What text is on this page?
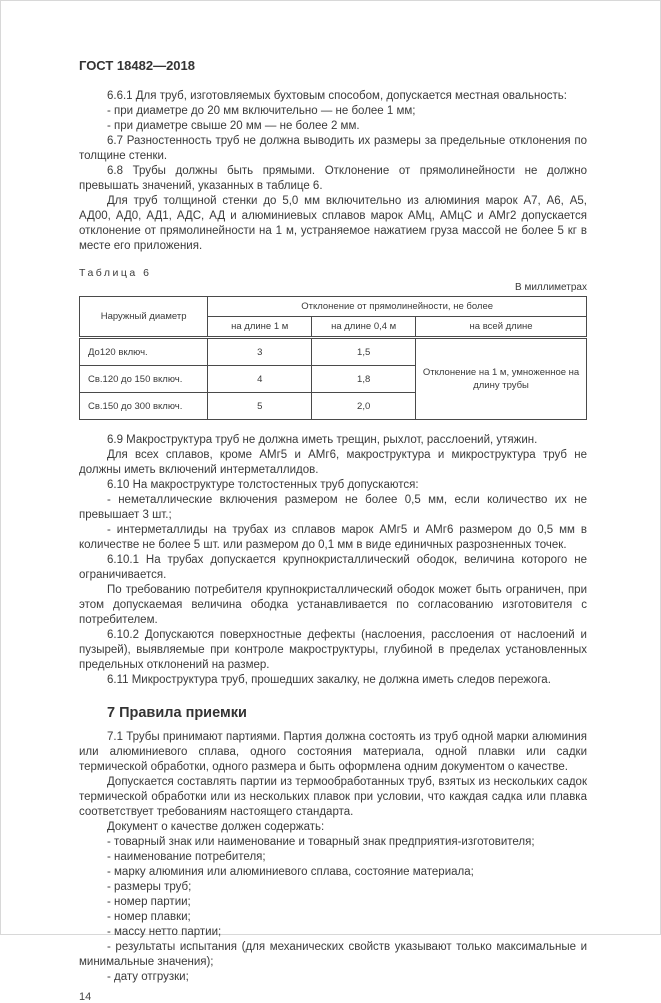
ГОСТ 18482—2018

6.6.1 Для труб, изготовляемых бухтовым способом, допускается местная овальность:

- при диаметре до 20 мм включительно — не более 1 мм;

- при диаметре свыше 20 мм — не более 2 мм.

6.7 Разностенность труб не должна выводить их размеры за предельные отклонения по толщине стенки.

6.8 Трубы должны быть прямыми. Отклонение от прямолинейности не должно превышать значений, указанных в таблице 6.

Для труб толщиной стенки до 5,0 мм включительно из алюминия марок А7, А6, А5, АД00, АД0, АД1, АДС, АД и алюминиевых сплавов марок АМц, АМцС и АМг2 допускается отклонение от прямолинейности на 1 м, устраняемое нажатием груза массой не более 5 кг в месте его приложения.

Таблица 6
В миллиметрах
Наружный диаметр	Отклонение от прямолинейности, не более		
	на длине 1 м	на длине 0,4 м	на всей длине
До120 включ.	3	1,5	Отклонение на 1 м, умноженное на длину трубы
Св.120 до 150 включ.	4	1,8	
Св.150 до 300 включ.	5	2,0	

6.9 Макроструктура труб не должна иметь трещин, рыхлот, расслоений, утяжин.

Для всех сплавов, кроме АМг5 и АМг6, макроструктура и микроструктура труб не должны иметь включений интерметаллидов.

6.10 На макроструктуре толстостенных труб допускаются:

- неметаллические включения размером не более 0,5 мм, если количество их не превышает 3 шт.;

- интерметаллиды на трубах из сплавов марок АМг5 и АМг6 размером до 0,5 мм в количестве не более 5 шт. или размером до 0,1 мм в виде единичных разрозненных точек.

6.10.1 На трубах допускается крупнокристаллический ободок, величина которого не ограничивается.

По требованию потребителя крупнокристаллический ободок может быть ограничен, при этом допускаемая величина ободка устанавливается по согласованию изготовителя с потребителем.

6.10.2 Допускаются поверхностные дефекты (наслоения, расслоения от наслоений и пузырей), выявляемые при контроле макроструктуры, глубиной в пределах установленных предельных отклонений на размер.

6.11 Микроструктура труб, прошедших закалку, не должна иметь следов пережога.

7 Правила приемки

7.1 Трубы принимают партиями. Партия должна состоять из труб одной марки алюминия или алюминиевого сплава, одного состояния материала, одной плавки или садки термической обработки, одного размера и быть оформлена одним документом о качестве.

Допускается составлять партии из термообработанных труб, взятых из нескольких садок термической обработки или из нескольких плавок при условии, что каждая садка или плавка соответствует требованиям настоящего стандарта.

Документ о качестве должен содержать:

- товарный знак или наименование и товарный знак предприятия-изготовителя;

- наименование потребителя;

- марку алюминия или алюминиевого сплава, состояние материала;

- размеры труб;

- номер партии;

- номер плавки;

- массу нетто партии;

- результаты испытания (для механических свойств указывают только максимальные и минимальные значения);

- дату отгрузки;

14
